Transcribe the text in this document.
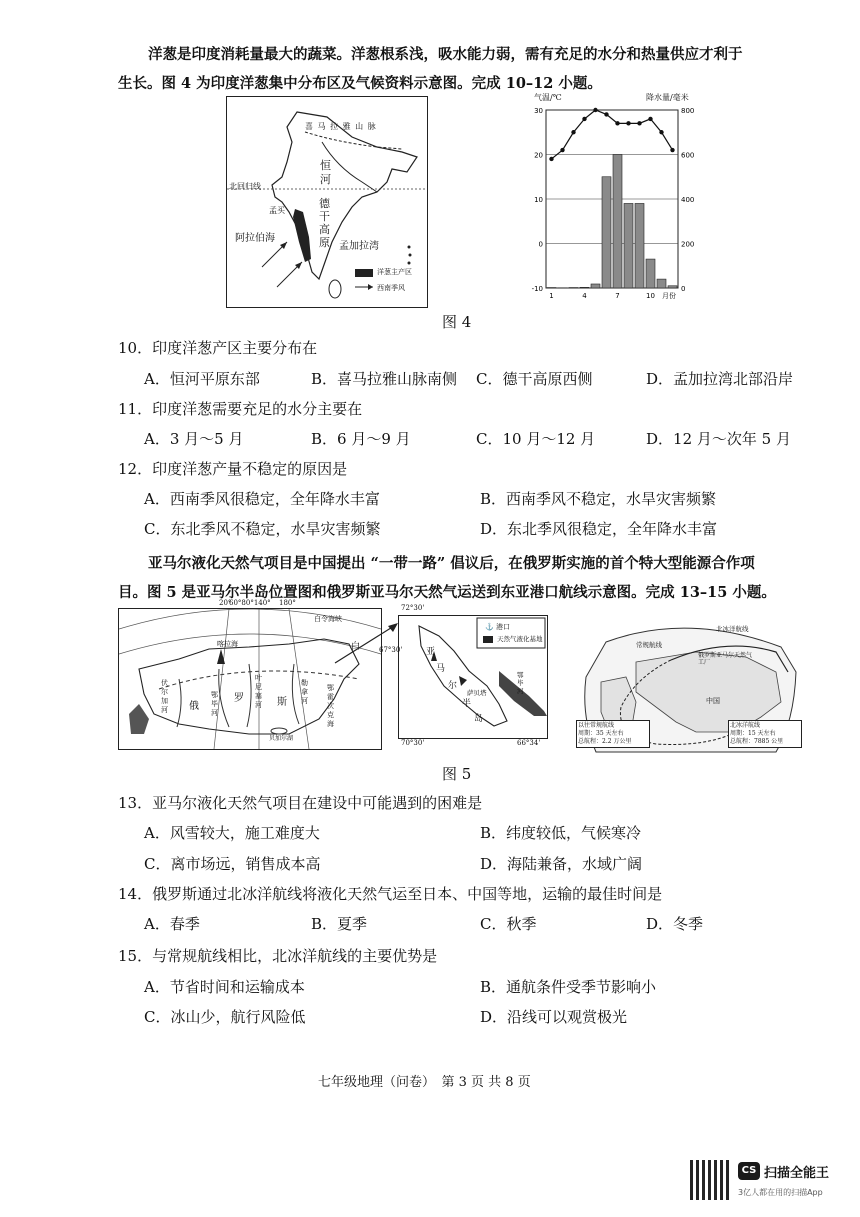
洋葱是印度消耗量最大的蔬菜。洋葱根系浅，吸水能力弱，需有充足的水分和热量供应才利于
生长。图 4 为印度洋葱集中分布区及气候资料示意图。完成 10–12 小题。
喜 马 拉 雅 山 脉
恒 河
北回归线
孟买
德 干 高 原
阿拉伯海
孟加拉湾
洋葱主产区
西南季风
气温/℃	降水量/毫米
30
20
10
0
-10
800
600
400
200
0
1	4	7	10 月份
图 4
10．印度洋葱产区主要分布在
A．恒河平原东部	B．喜马拉雅山脉南侧 C．德干高原西侧	D．孟加拉湾北部沿岸
11．印度洋葱需要充足的水分主要在
A．3 月～5 月	B．6 月～9 月	C．10 月～12 月	D．12 月～次年 5 月
12．印度洋葱产量不稳定的原因是
A．西南季风很稳定，全年降水丰富	B．西南季风不稳定，水旱灾害频繁
C．东北季风不稳定，水旱灾害频繁	D．东北季风很稳定，全年降水丰富
亚马尔液化天然气项目是中国提出 “一带一路” 倡议后，在俄罗斯实施的首个特大型能源合作项
目。图 5 是亚马尔半岛位置图和俄罗斯亚马尔天然气运送到东亚港口航线示意图。完成 13–15 小题。
20°
60°80°140° 180°
白令海峡
喀拉海
伏尔加河
鄂毕河
叶尼塞河
勒拿河
贝加尔湖
鄂霍次克海
白
俄
罗	斯
72°30'
67°30'
70°30'	66°34'
⚓ 港口
天然气液化基地
亚
马
尔
半
岛
鄂毕河
萨贝塔
北冰洋航线
常规航线
俄罗斯亚马尔天然气工厂
中国
以往常规航线
周期：35 天左右
总航程：2.2 万公里
北冰洋航线
周期：15 天左右
总航程：7885 公里
图 5
13．亚马尔液化天然气项目在建设中可能遇到的困难是
A．风雪较大，施工难度大	B．纬度较低，气候寒冷
C．离市场远，销售成本高	D．海陆兼备，水域广阔
14．俄罗斯通过北冰洋航线将液化天然气运至日本、中国等地，运输的最佳时间是
A．春季	B．夏季	C．秋季	D．冬季
15．与常规航线相比，北冰洋航线的主要优势是
A．节省时间和运输成本	B．通航条件受季节影响小
C．冰山少，航行风险低	D．沿线可以观赏极光
七年级地理（问卷）　第 3 页 共 8 页
CS 扫描全能王
3亿人都在用的扫描App
